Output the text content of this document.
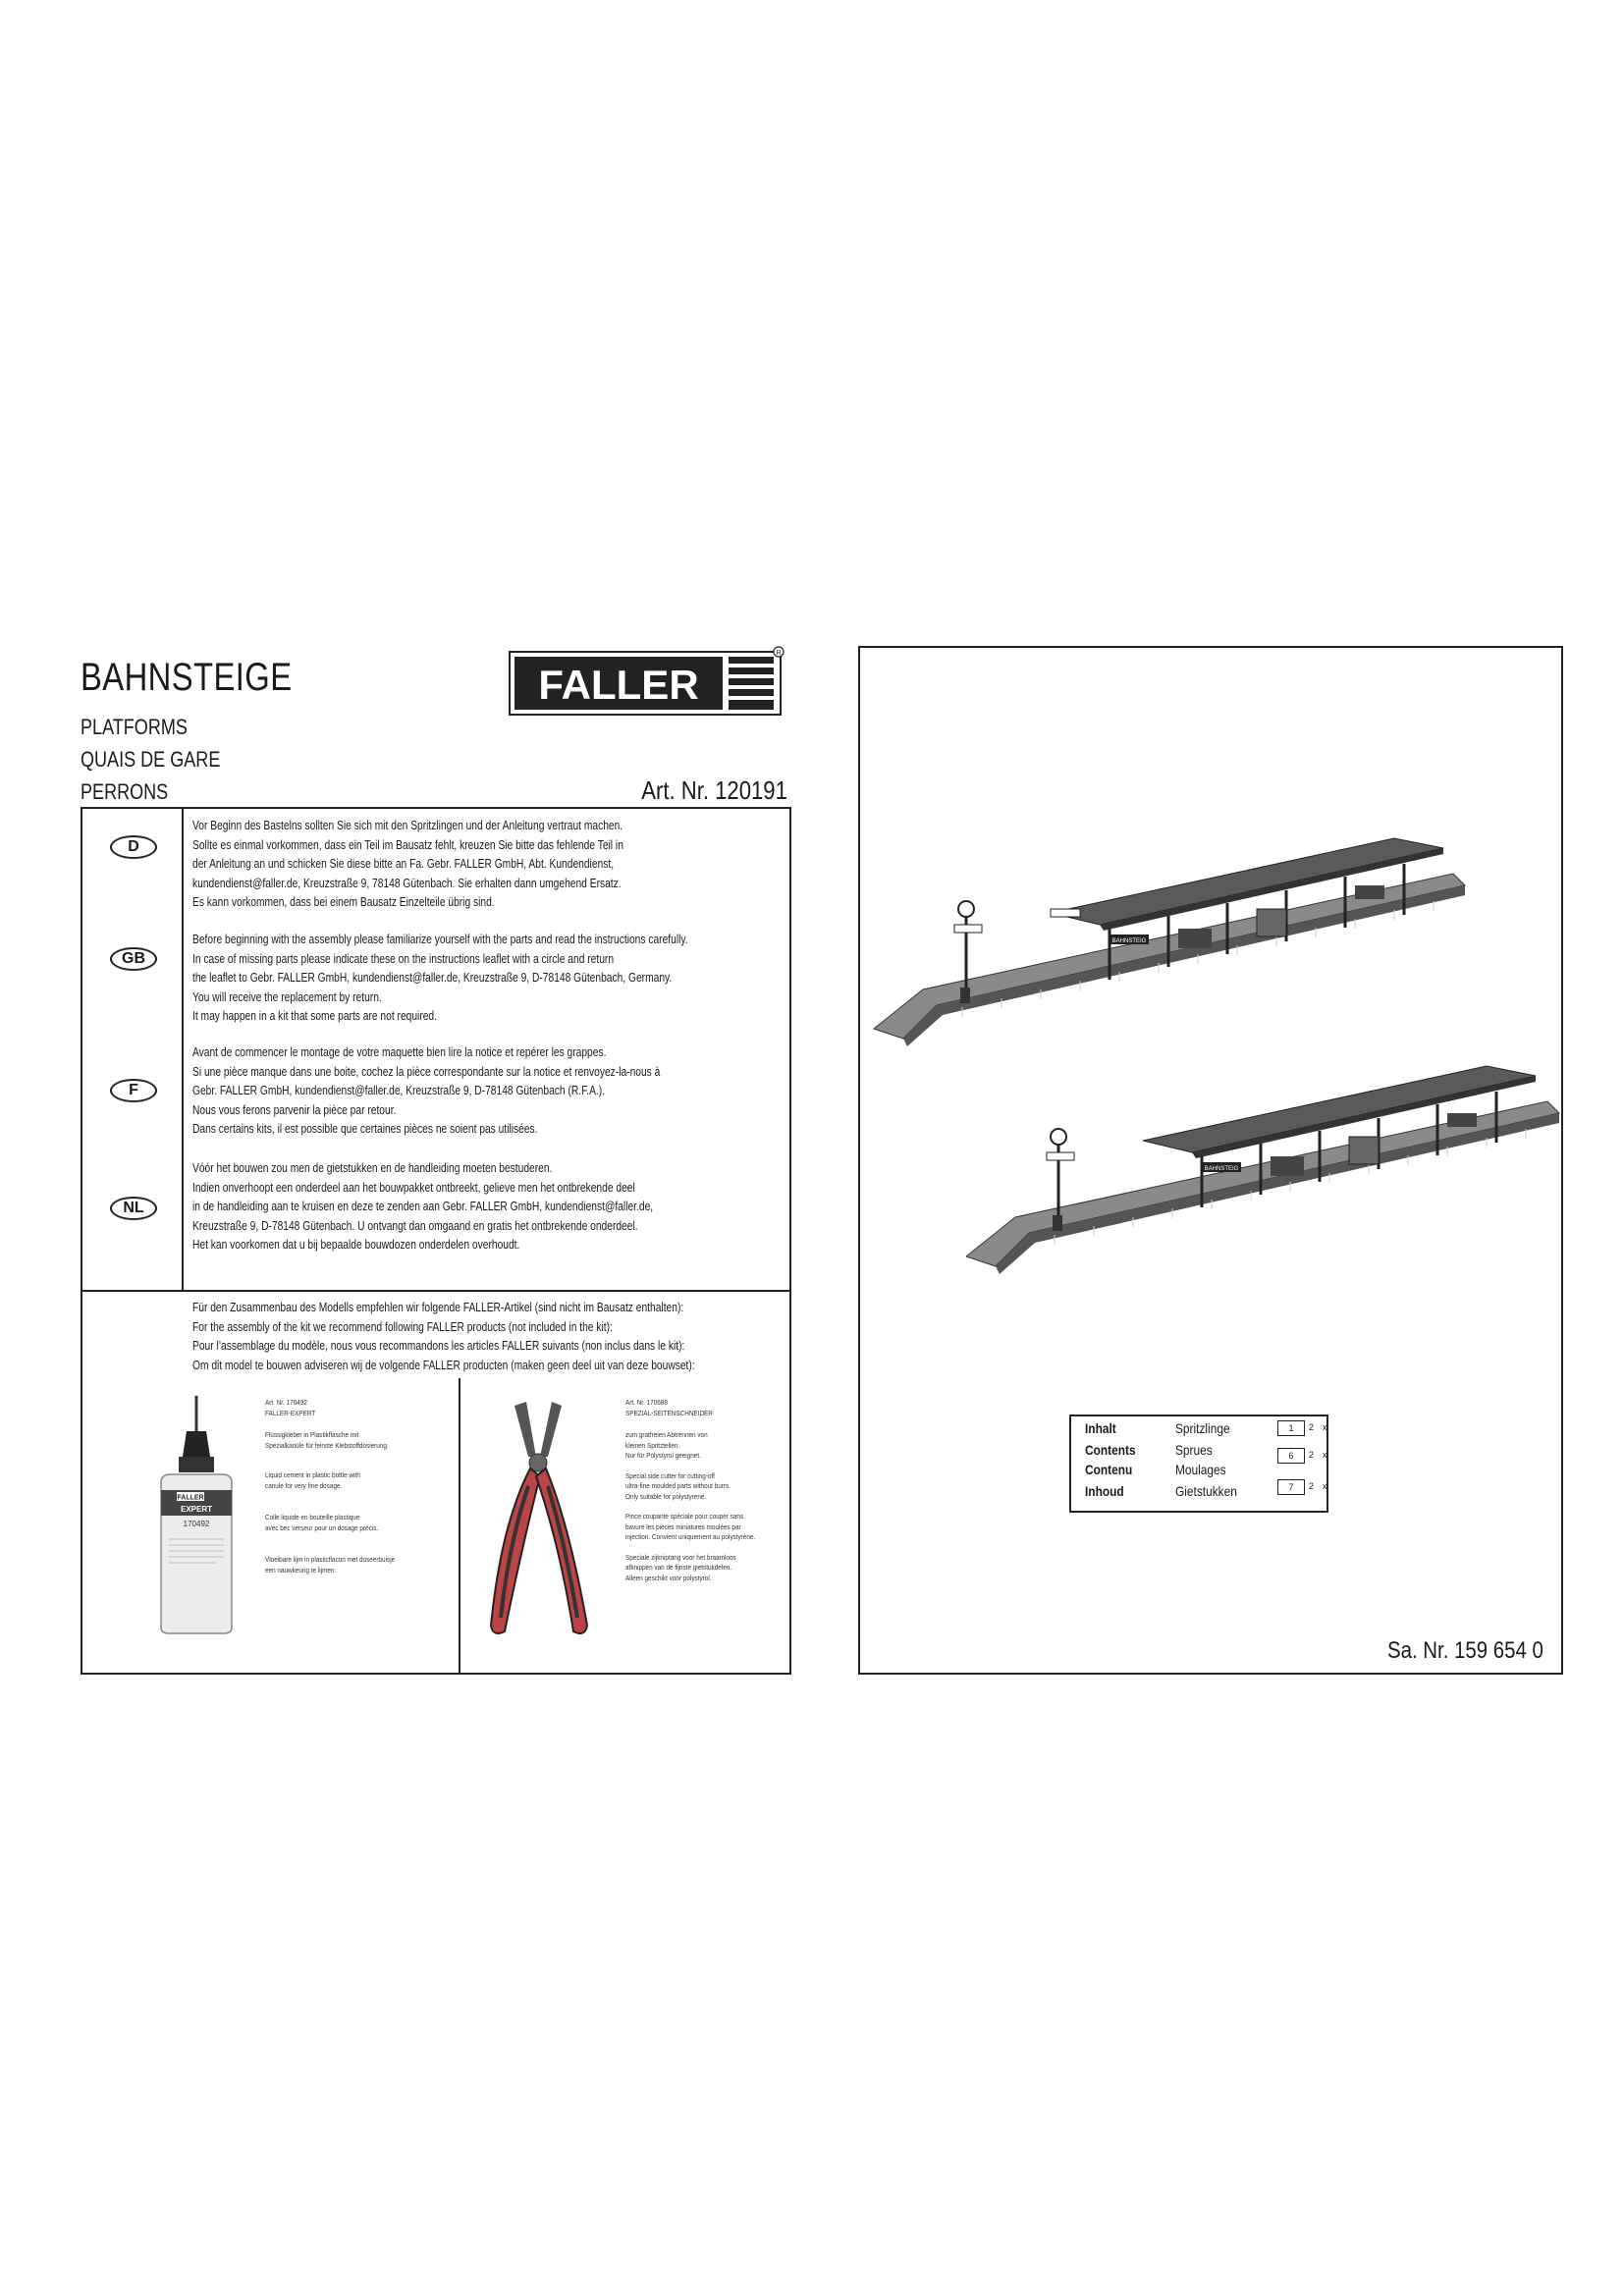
BAHNSTEIGE
PLATFORMS
QUAIS DE GARE
PERRONS
FALLER
R
Art. Nr. 120191
D
GB
F
NL
Vor Beginn des Bastelns sollten Sie sich mit den Spritzlingen und der Anleitung vertraut machen.
Sollte es einmal vorkommen, dass ein Teil im Bausatz fehlt, kreuzen Sie bitte das fehlende Teil in
der Anleitung an und schicken Sie diese bitte an Fa. Gebr. FALLER GmbH, Abt. Kundendienst,
kundendienst@faller.de, Kreuzstraße 9, 78148 Gütenbach. Sie erhalten dann umgehend Ersatz.
Es kann vorkommen, dass bei einem Bausatz Einzelteile übrig sind.
Before beginning with the assembly please familiarize yourself with the parts and read the instructions carefully.
In case of missing parts please indicate these on the instructions leaflet with a circle and return
the leaflet to Gebr. FALLER GmbH, kundendienst@faller.de, Kreuzstraße 9, D-78148 Gütenbach, Germany.
You will receive the replacement by return.
It may happen in a kit that some parts are not required.
Avant de commencer le montage de votre maquette bien lire la notice et repérer les grappes.
Si une pièce manque dans une boite, cochez la pièce correspondante sur la notice et renvoyez-la-nous à
Gebr. FALLER GmbH, kundendienst@faller.de, Kreuzstraße 9, D-78148 Gütenbach (R.F.A.).
Nous vous ferons parvenir la pièce par retour.
Dans certains kits, il est possible que certaines pièces ne soient pas utilisées.
Vóór het bouwen zou men de gietstukken en de handleiding moeten bestuderen.
Indien onverhoopt een onderdeel aan het bouwpakket ontbreekt, gelieve men het ontbrekende deel
in de handleiding aan te kruisen en deze te zenden aan Gebr. FALLER GmbH, kundendienst@faller.de,
Kreuzstraße 9, D-78148 Gütenbach. U ontvangt dan omgaand en gratis het ontbrekende onderdeel.
Het kan voorkomen dat u bij bepaalde bouwdozen onderdelen overhoudt.
Für den Zusammenbau des Modells empfehlen wir folgende FALLER-Artikel (sind nicht im Bausatz enthalten):
For the assembly of the kit we recommend following FALLER products (not included in the kit):
Pour l’assemblage du modèle, nous vous recommandons les articles FALLER suivants (non inclus dans le kit):
Om dit model te bouwen adviseren wij de volgende FALLER producten (maken geen deel uit van deze bouwset):
FALLER
EXPERT
170492
Art. Nr. 170492
FALLER-EXPERT
Flüssigkleber in Plastikflasche mit
Spezialkanüle für feinste Klebstoffdosierung.
Liquid cement in plastic bottle with
canule for very fine dosage.
Colle liquide en bouteille plastique
avec bec verseur pour un dosage précis.
Vloeibare lijm in plasticflacon met doseerbuisje
een nauwkeurig te lijmen.
Art. Nr. 170688
SPEZIAL-SEITENSCHNEIDER
zum gratfreien Abtrennen von
kleinen Spritzteilen.
Nur für Polystyrol geeignet.
Special side cutter for cutting-off
ultra-fine moulded parts without burrs.
Only suitable for polystyrene.
Pince coupante spéciale pour couper sans
bavure les pièces miniatures moulées par
injection. Convient uniquement au polystyrène.
Speciale zijkniptang voor het braamloos
afknippen van de fijnste gietstukdelen.
Alleen geschikt voor polystyrol.
BAHNSTEIG
BAHNSTEIG
Inhalt	Spritzlinge	1	2 x
Contents	Sprues	6	2 x
Contenu	Moulages
Inhoud	Gietstukken	7	2 x
Sa. Nr. 159 654 0
